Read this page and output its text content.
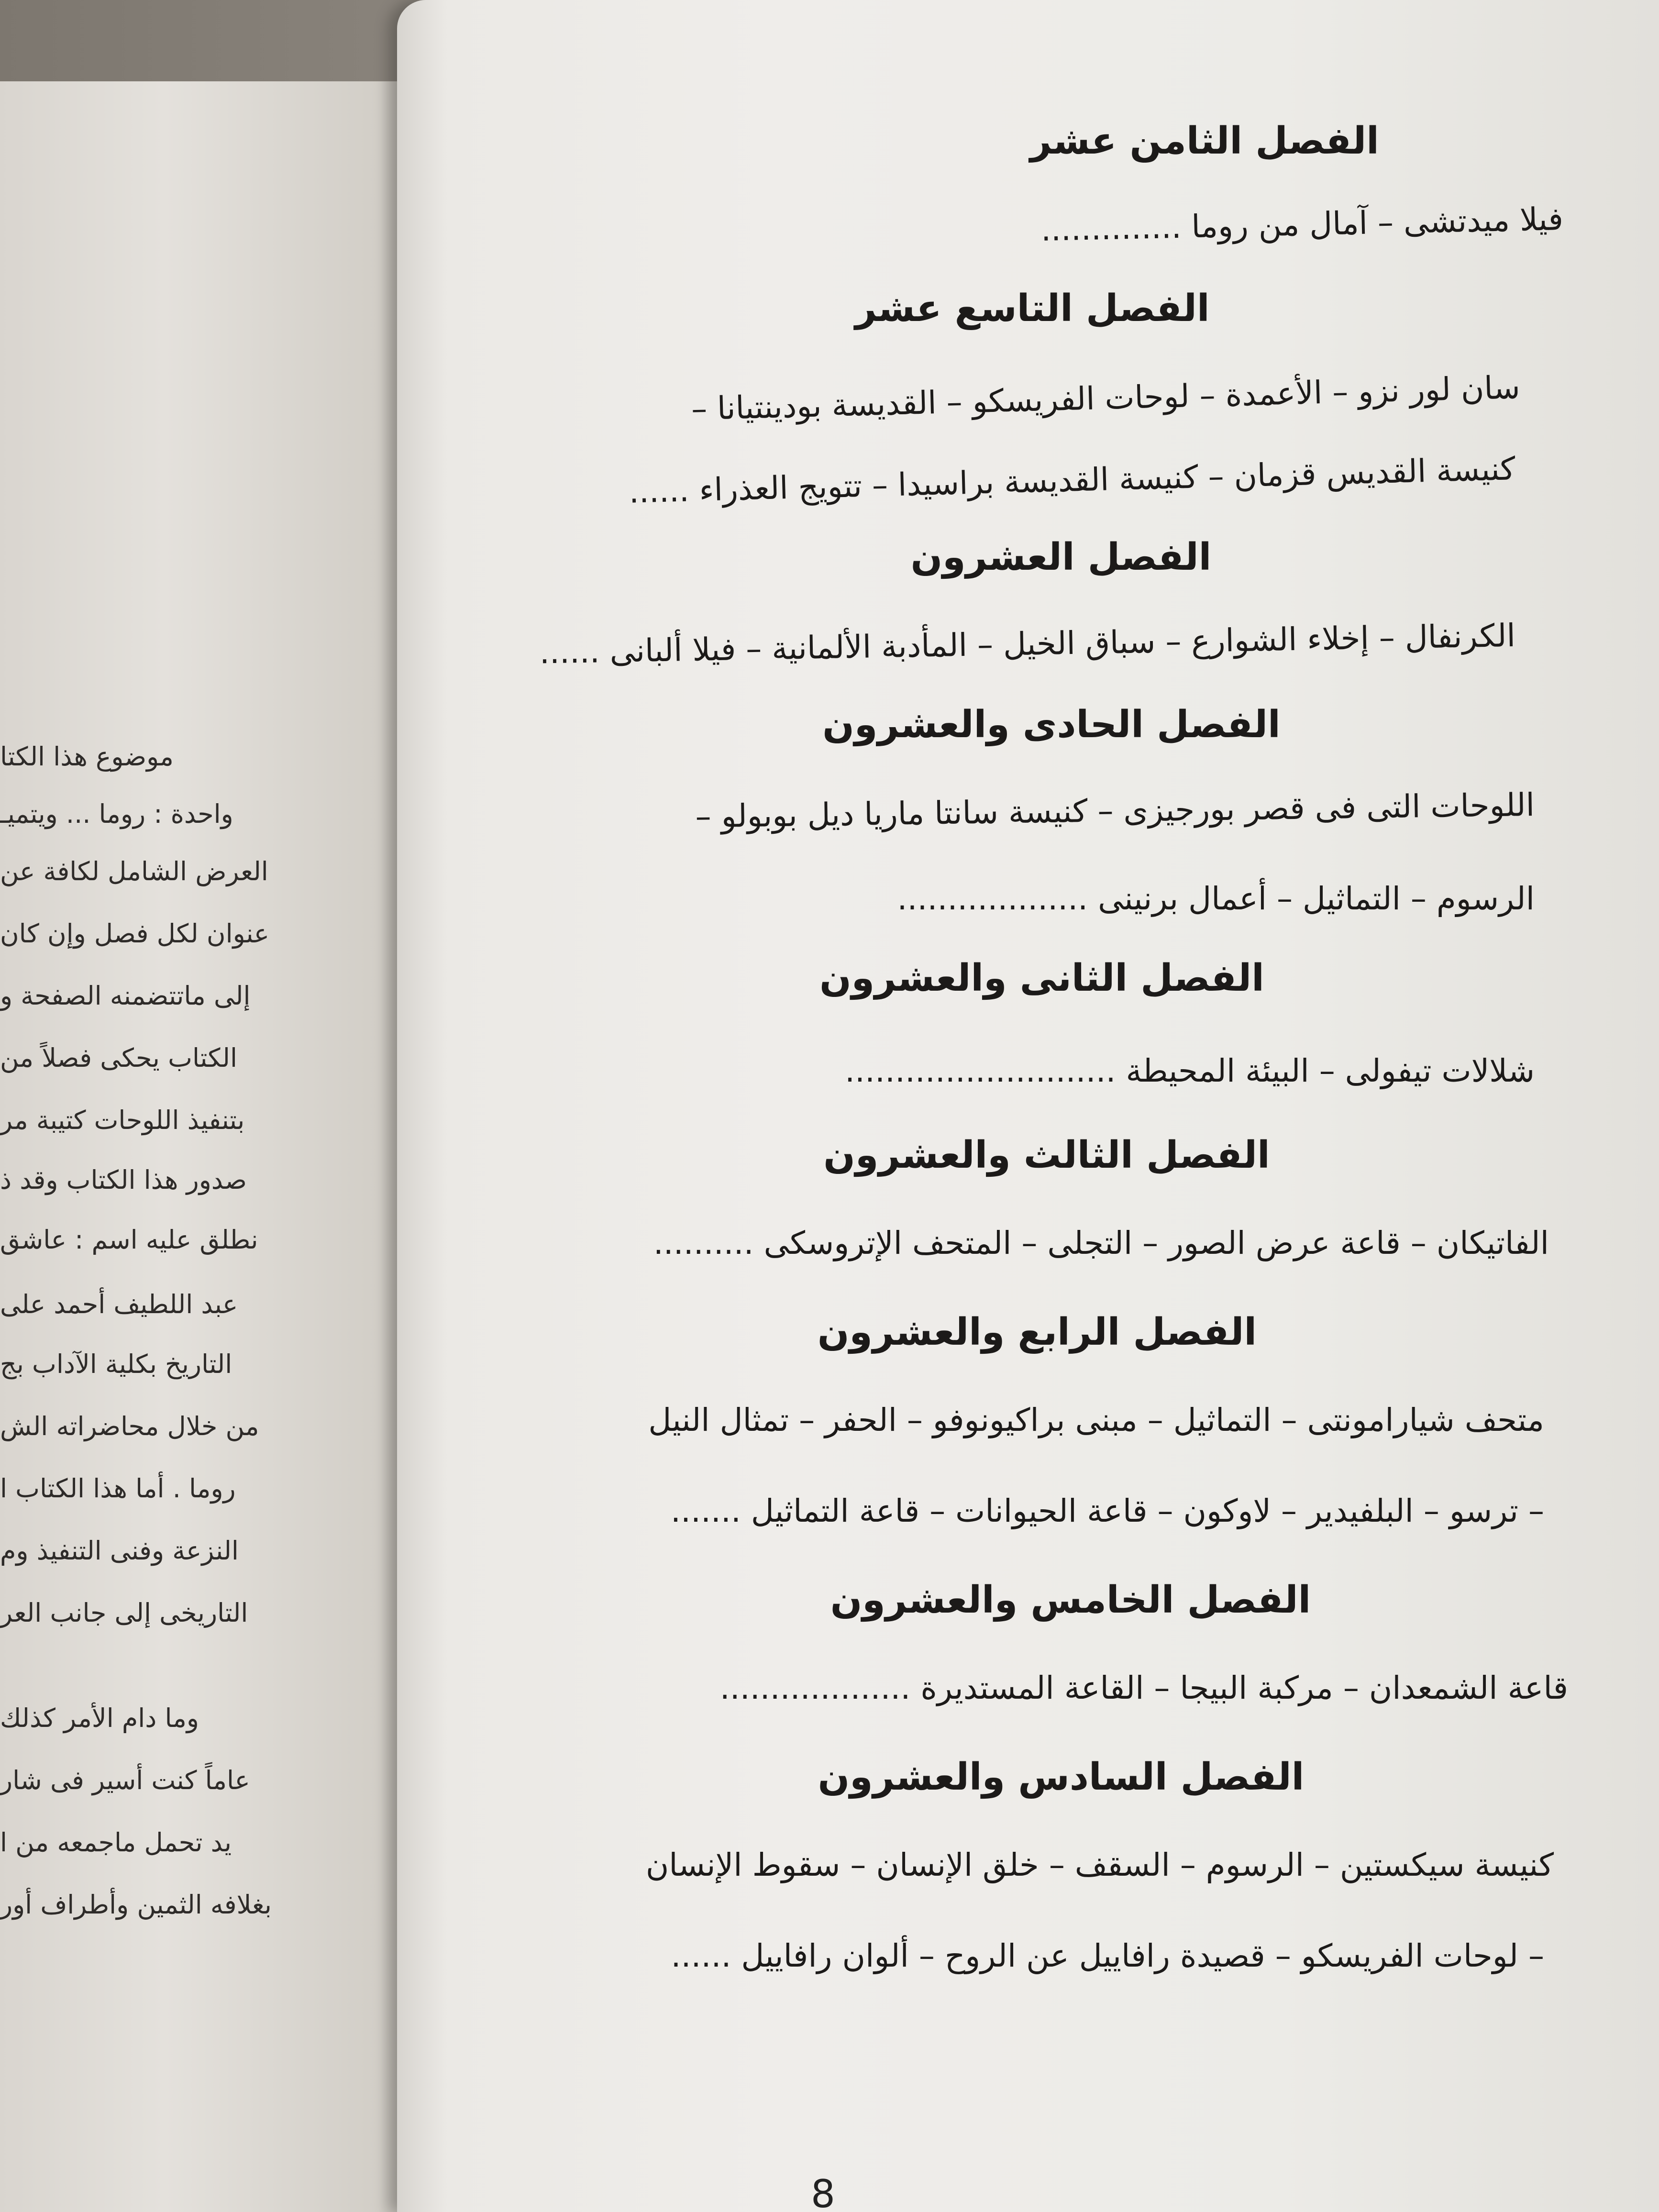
موضوع هذا الكتا
واحدة : روما ... ويتميـ
العرض الشامل لكافة عن
عنوان لكل فصل وإن كان
إلى ماتتضمنه الصفحة و
الكتاب يحكى فصلاً من
بتنفيذ اللوحات كتيبة مر
صدور هذا الكتاب وقد ذ
نطلق عليه اسم : عاشق
عبد اللطيف أحمد على
التاريخ بكلية الآداب بج
من خلال محاضراته الش
روما . أما هذا الكتاب ا
النزعة وفنى التنفيذ وم
التاريخى إلى جانب العر
وما دام الأمر كذلك
عاماً كنت أسير فى شار
يد تحمل ماجمعه من ا
بغلافه الثمين وأطراف أور
الفصل الثامن عشر
فيلا ميدتشى – آمال من روما ..............
الفصل التاسع عشر
سان لور نزو – الأعمدة – لوحات الفريسكو – القديسة بودينتيانا –
كنيسة القديس قزمان – كنيسة القديسة براسيدا – تتويج العذراء ......
الفصل العشرون
الكرنفال – إخلاء الشوارع – سباق الخيل – المأدبة الألمانية – فيلا ألبانى ......
الفصل الحادى والعشرون
اللوحات التى فى قصر بورجيزى – كنيسة سانتا ماريا ديل بوبولو –
الرسوم – التماثيل – أعمال برنينى ...................
الفصل الثانى والعشرون
شلالات تيفولى – البيئة المحيطة ...........................
الفصل الثالث والعشرون
الفاتيكان – قاعة عرض الصور – التجلى – المتحف الإتروسكى ..........
الفصل الرابع والعشرون
متحف شيارامونتى – التماثيل – مبنى براكيونوفو – الحفر – تمثال النيل
– ترسو – البلفيدير – لاوكون – قاعة الحيوانات – قاعة التماثيل .......
الفصل الخامس والعشرون
قاعة الشمعدان – مركبة البيجا – القاعة المستديرة ...................
الفصل السادس والعشرون
كنيسة سيكستين – الرسوم – السقف – خلق الإنسان – سقوط الإنسان
– لوحات الفريسكو – قصيدة رافاييل عن الروح – ألوان رافاييل ......
8
